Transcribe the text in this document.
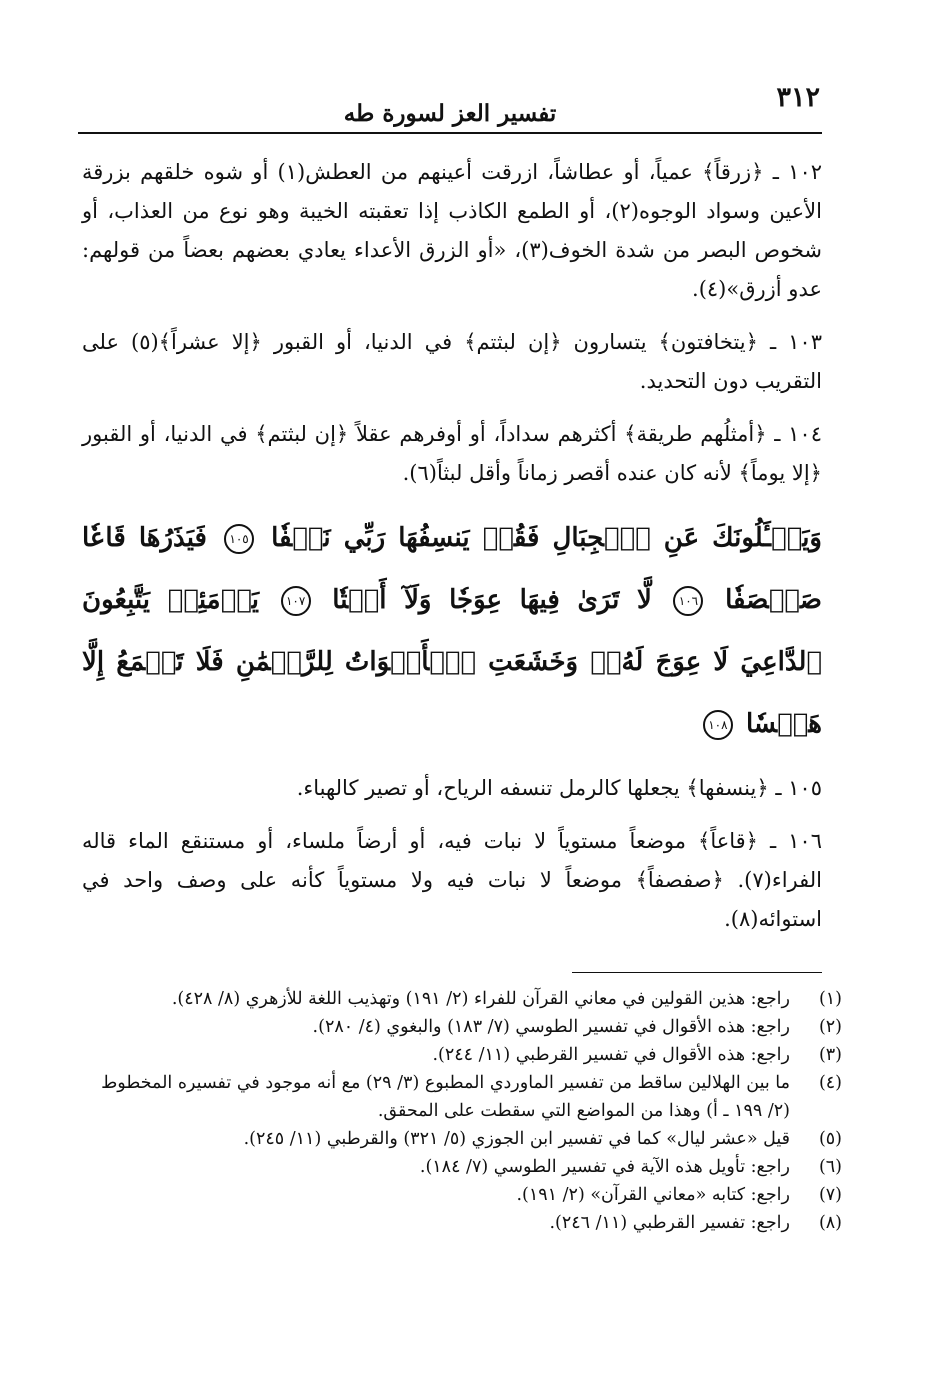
٣١٢
تفسير العز لسورة طه

١٠٢ ـ ﴿زرقاً﴾ عمياً، أو عطاشاً، ازرقت أعينهم من العطش(١) أو شوه خلقهم بزرقة الأعين وسواد الوجوه(٢)، أو الطمع الكاذب إذا تعقبته الخيبة وهو نوع من العذاب، أو شخوص البصر من شدة الخوف(٣)، «أو الزرق الأعداء يعادي بعضهم بعضاً من قولهم: عدو أزرق»(٤).

١٠٣ ـ ﴿يتخافتون﴾ يتسارون ﴿إن لبثتم﴾ في الدنيا، أو القبور ﴿إلا عشراً﴾(٥) على التقريب دون التحديد.

١٠٤ ـ ﴿أمثلُهم طريقة﴾ أكثرهم سداداً، أو أوفرهم عقلاً ﴿إن لبثتم﴾ في الدنيا، أو القبور ﴿إلا يوماً﴾ لأنه كان عنده أقصر زماناً وأقل لبثاً(٦).

وَيَسۡـَٔلُونَكَ عَنِ ٱلۡجِبَالِ فَقُلۡ يَنسِفُهَا رَبِّي نَسۡفٗا ١٠٥ فَيَذَرُهَا قَاعٗا صَفۡصَفٗا ١٠٦ لَّا تَرَىٰ فِيهَا عِوَجٗا وَلَآ أَمۡتٗا ١٠٧ يَوۡمَئِذٖ يَتَّبِعُونَ ٱلدَّاعِيَ لَا عِوَجَ لَهُۥۖ وَخَشَعَتِ ٱلۡأَصۡوَاتُ لِلرَّحۡمَٰنِ فَلَا تَسۡمَعُ إِلَّا هَمۡسٗا ١٠٨

١٠٥ ـ ﴿ينسفها﴾ يجعلها كالرمل تنسفه الرياح، أو تصير كالهباء.

١٠٦ ـ ﴿قاعاً﴾ موضعاً مستوياً لا نبات فيه، أو أرضاً ملساء، أو مستنقع الماء قاله الفراء(٧). ﴿صفصفاً﴾ موضعاً لا نبات فيه ولا مستوياً كأنه على وصف واحد في استوائه(٨).

(١)
راجع: هذين القولين في معاني القرآن للفراء (٢/ ١٩١) وتهذيب اللغة للأزهري (٨/ ٤٢٨).
(٢)
راجع: هذه الأقوال في تفسير الطوسي (٧/ ١٨٣) والبغوي (٤/ ٢٨٠).
(٣)
راجع: هذه الأقوال في تفسير القرطبي (١١/ ٢٤٤).
(٤)
ما بين الهلالين ساقط من تفسير الماوردي المطبوع (٣/ ٢٩) مع أنه موجود في تفسيره المخطوط (٢/ ١٩٩ ـ أ) وهذا من المواضع التي سقطت على المحقق.
(٥)
قيل «عشر ليال» كما في تفسير ابن الجوزي (٥/ ٣٢١) والقرطبي (١١/ ٢٤٥).
(٦)
راجع: تأويل هذه الآية في تفسير الطوسي (٧/ ١٨٤).
(٧)
راجع: كتابه «معاني القرآن» (٢/ ١٩١).
(٨)
راجع: تفسير القرطبي (١١/ ٢٤٦).
